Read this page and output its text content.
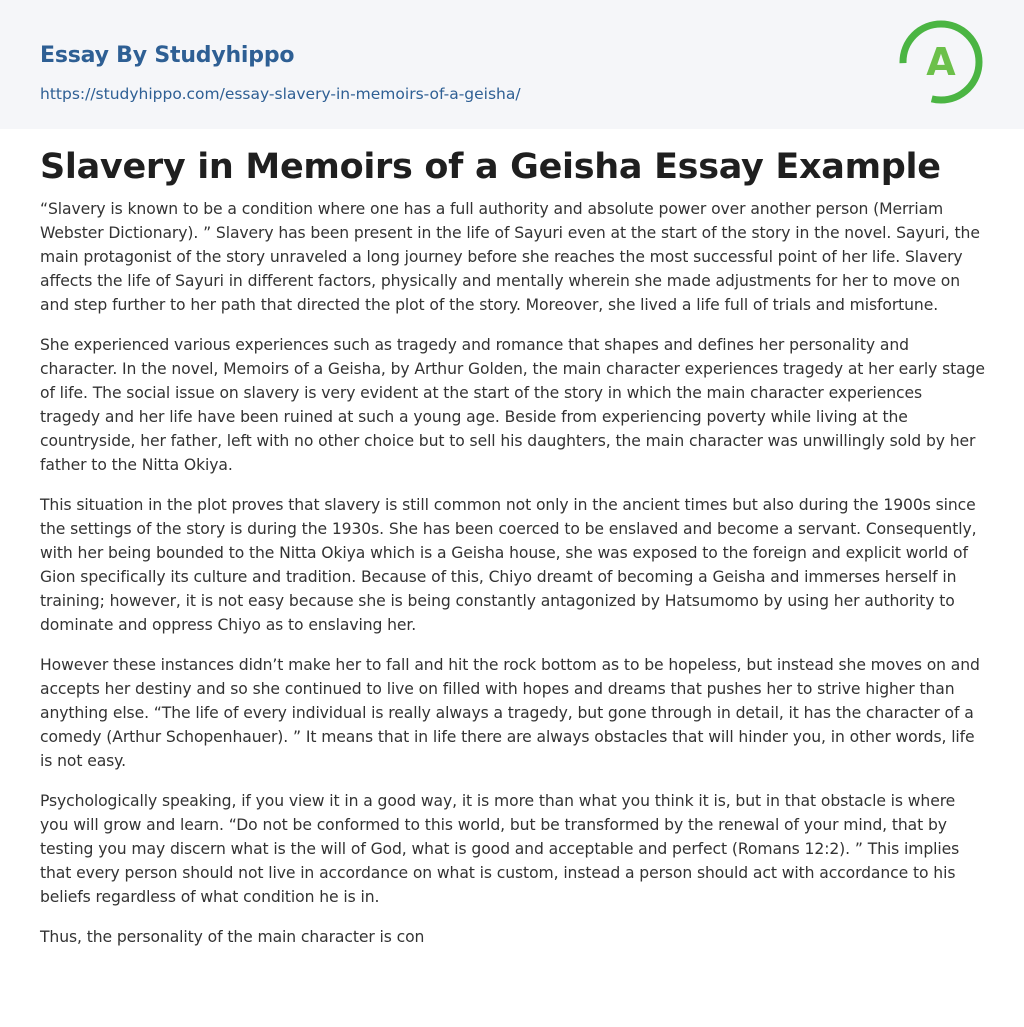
Essay By Studyhippo
https://studyhippo.com/essay-slavery-in-memoirs-of-a-geisha/
A
Slavery in Memoirs of a Geisha Essay Example

“Slavery is known to be a condition where one has a full authority and absolute power over another person (Merriam Webster Dictionary). ” Slavery has been present in the life of Sayuri even at the start of the story in the novel. Sayuri, the main protagonist of the story unraveled a long journey before she reaches the most successful point of her life. Slavery affects the life of Sayuri in different factors, physically and mentally wherein she made adjustments for her to move on and step further to her path that directed the plot of the story. Moreover, she lived a life full of trials and misfortune.

She experienced various experiences such as tragedy and romance that shapes and defines her personality and character. In the novel, Memoirs of a Geisha, by Arthur Golden, the main character experiences tragedy at her early stage of life. The social issue on slavery is very evident at the start of the story in which the main character experiences tragedy and her life have been ruined at such a young age. Beside from experiencing poverty while living at the countryside, her father, left with no other choice but to sell his daughters, the main character was unwillingly sold by her father to the Nitta Okiya.

This situation in the plot proves that slavery is still common not only in the ancient times but also during the 1900s since the settings of the story is during the 1930s. She has been coerced to be enslaved and become a servant. Consequently, with her being bounded to the Nitta Okiya which is a Geisha house, she was exposed to the foreign and explicit world of Gion specifically its culture and tradition. Because of this, Chiyo dreamt of becoming a Geisha and immerses herself in training; however, it is not easy because she is being constantly antagonized by Hatsumomo by using her authority to dominate and oppress Chiyo as to enslaving her.

However these instances didn’t make her to fall and hit the rock bottom as to be hopeless, but instead she moves on and accepts her destiny and so she continued to live on filled with hopes and dreams that pushes her to strive higher than anything else. “The life of every individual is really always a tragedy, but gone through in detail, it has the character of a comedy (Arthur Schopenhauer). ” It means that in life there are always obstacles that will hinder you, in other words, life is not easy.

Psychologically speaking, if you view it in a good way, it is more than what you think it is, but in that obstacle is where you will grow and learn. “Do not be conformed to this world, but be transformed by the renewal of your mind, that by testing you may discern what is the will of God, what is good and acceptable and perfect (Romans 12:2). ” This implies that every person should not live in accordance on what is custom, instead a person should act with accordance to his beliefs regardless of what condition he is in.

Thus, the personality of the main character is con
